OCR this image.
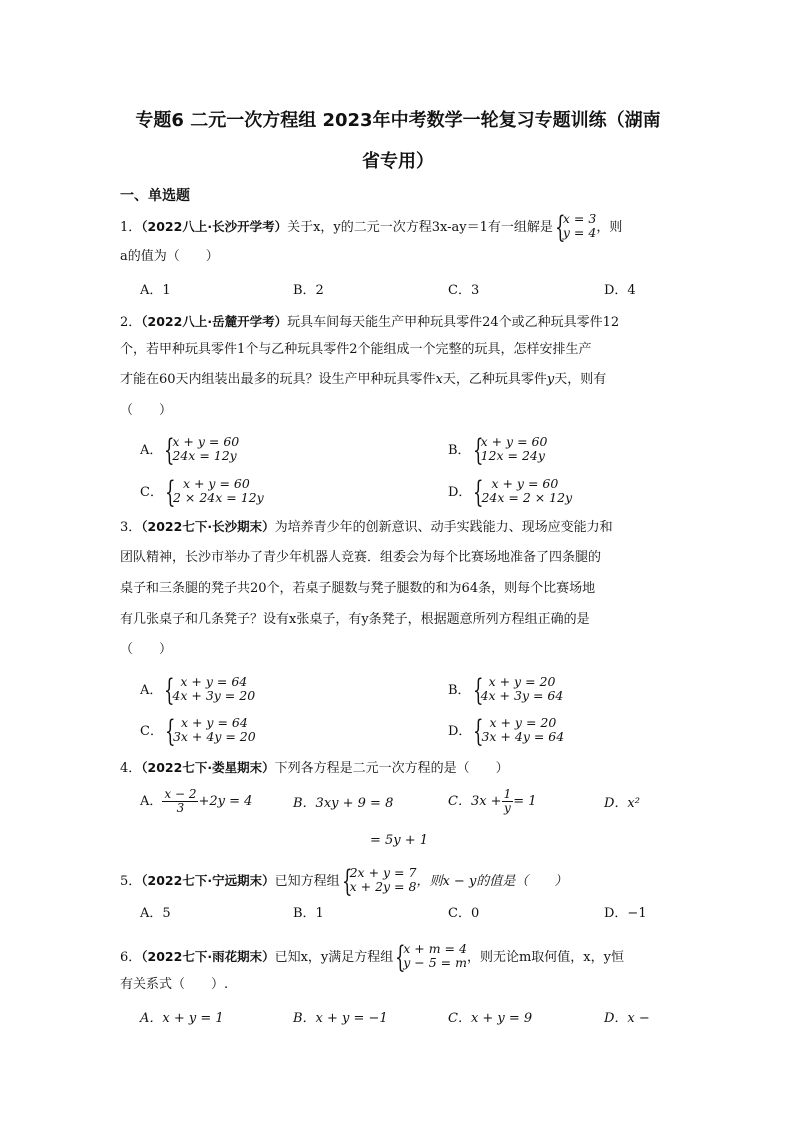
专题6 二元一次方程组 2023年中考数学一轮复习专题训练（湖南
省专用）
一、单选题
1．（2022八上·长沙开学考）关于x，y的二元一次方程3x-ay＝1有一组解是 {
x = 3
y = 4 ，则
a的值为（　　）
A．1	B．2	C．3	D．4
2．（2022八上·岳麓开学考）玩具车间每天能生产甲种玩具零件24个或乙种玩具零件12
个，若甲种玩具零件1个与乙种玩具零件2个能组成一个完整的玩具，怎样安排生产
才能在60天内组装出最多的玩具？设生产甲种玩具零件x天，乙种玩具零件y天，则有
（　　）
A． {
x + y = 60
24x = 12y	B． {
x + y = 60
12x = 24y
C． { x + y = 60
2 × 24x = 12y	D． { x + y = 60
24x = 2 × 12y
3．（2022七下·长沙期末）为培养青少年的创新意识、动手实践能力、现场应变能力和
团队精神，长沙市举办了青少年机器人竞赛．组委会为每个比赛场地准备了四条腿的
桌子和三条腿的凳子共20个，若桌子腿数与凳子腿数的和为64条，则每个比赛场地
有几张桌子和几条凳子？设有x张桌子，有y条凳子，根据题意所列方程组正确的是
（　　）
A． { x + y = 64
4x + 3y = 20	B． { x + y = 20
4x + 3y = 64
C． { x + y = 64
3x + 4y = 20	D． { x + y = 20
3x + 4y = 64
4．（2022七下·娄星期末）下列各方程是二元一次方程的是（　　）
A． $\frac{x - 2}{3} +2y = 4$	B．3xy + 9 = 8	C．$3x + \frac{1}{y} = 1$	D．x²
= 5y + 1
5．（2022七下·宁远期末）已知方程组 {
2x + y = 7
x + 2y = 8 ，则x − y的值是（　　）
A．5	B．1	C．0	D．−1
6．（2022七下·雨花期末）已知x，y满足方程组 {
x + m = 4
y − 5 = m ，则无论m取何值，x，y恒
有关系式（　　）.
A．x + y = 1	B．x + y = −1	C．x + y = 9	D．x −
